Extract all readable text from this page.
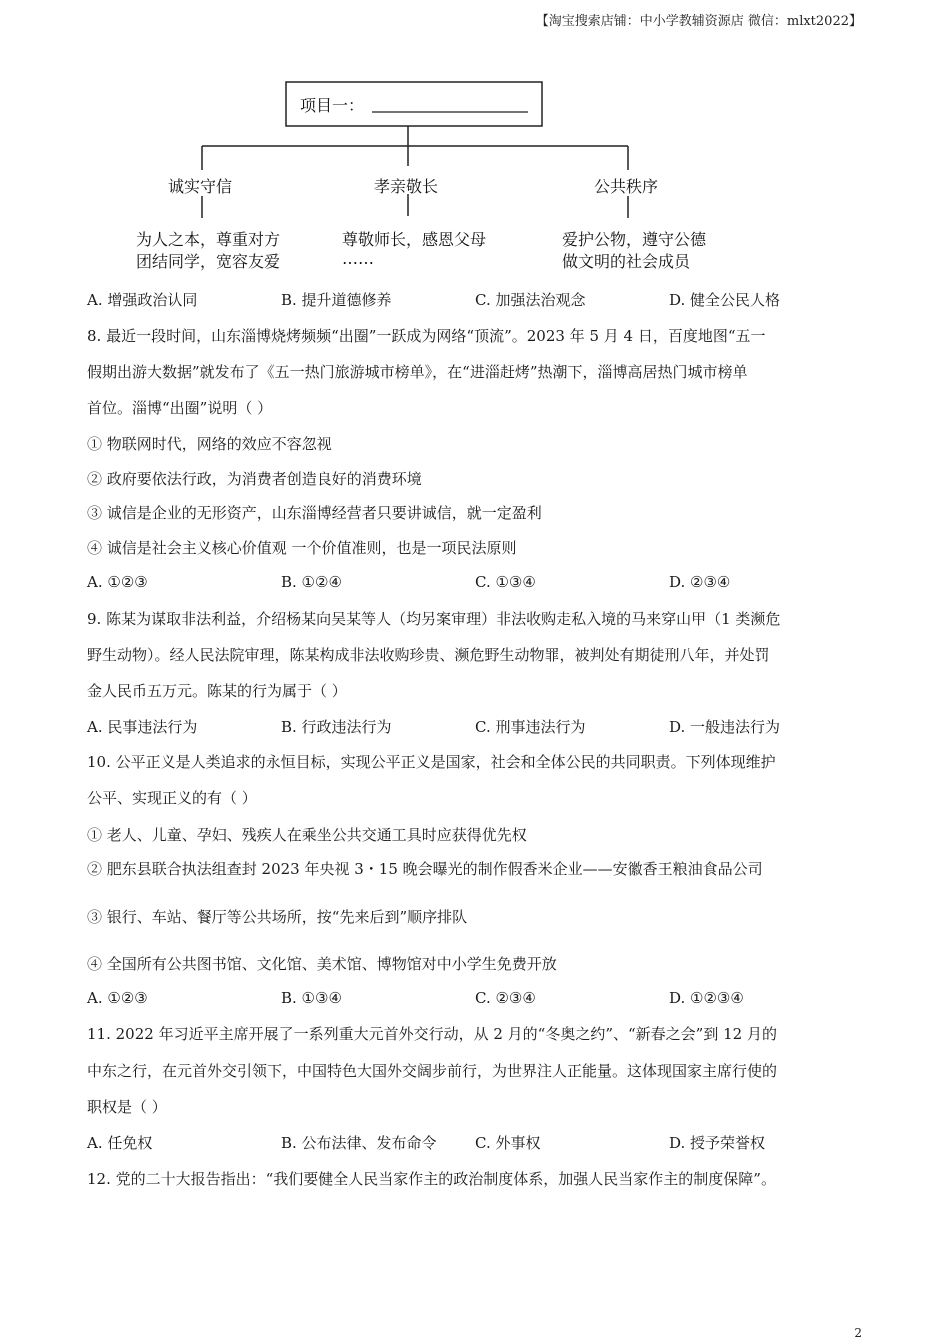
【淘宝搜索店铺：中小学教辅资源店 微信：mlxt2022】
项目一：
诚实守信	孝亲敬长	公共秩序
为人之本，尊重对方
团结同学，宽容友爱
尊敬师长，感恩父母
……
爱护公物，遵守公德
做文明的社会成员
A. 增强政治认同	B. 提升道德修养	C. 加强法治观念	D. 健全公民人格
8. 最近一段时间，山东淄博烧烤频频“出圈”一跃成为网络“顶流”。2023 年 5 月 4 日，百度地图“五一
假期出游大数据”就发布了《五一热门旅游城市榜单》，在“进淄赶烤”热潮下，淄博高居热门城市榜单
首位。淄博“出圈”说明（ ）
① 物联网时代，网络的效应不容忽视
② 政府要依法行政，为消费者创造良好的消费环境
③ 诚信是企业的无形资产，山东淄博经营者只要讲诚信，就一定盈利
④ 诚信是社会主义核心价值观 一个价值准则，也是一项民法原则
A. ①②③	B. ①②④	C. ①③④	D. ②③④
9. 陈某为谋取非法利益，介绍杨某向吴某等人（均另案审理）非法收购走私入境的马来穿山甲（1 类濒危
野生动物）。经人民法院审理，陈某构成非法收购珍贵、濒危野生动物罪，被判处有期徒刑八年，并处罚
金人民币五万元。陈某的行为属于（ ）
A. 民事违法行为	B. 行政违法行为	C. 刑事违法行为	D. 一般违法行为
10. 公平正义是人类追求的永恒目标，实现公平正义是国家，社会和全体公民的共同职责。下列体现维护
公平、实现正义的有（ ）
① 老人、儿童、孕妇、残疾人在乘坐公共交通工具时应获得优先权
② 肥东县联合执法组查封 2023 年央视 3・15 晚会曝光的制作假香米企业——安徽香王粮油食品公司
③ 银行、车站、餐厅等公共场所，按“先来后到”顺序排队
④ 全国所有公共图书馆、文化馆、美术馆、博物馆对中小学生免费开放
A. ①②③	B. ①③④	C. ②③④	D. ①②③④
11. 2022 年习近平主席开展了一系列重大元首外交行动，从 2 月的“冬奥之约”、“新春之会”到 12 月的
中东之行，在元首外交引领下，中国特色大国外交阔步前行，为世界注人正能量。这体现国家主席行使的
职权是（ ）
A. 任免权	B. 公布法律、发布命令	C. 外事权	D. 授予荣誉权
12. 党的二十大报告指出：“我们要健全人民当家作主的政治制度体系，加强人民当家作主的制度保障”。
2
